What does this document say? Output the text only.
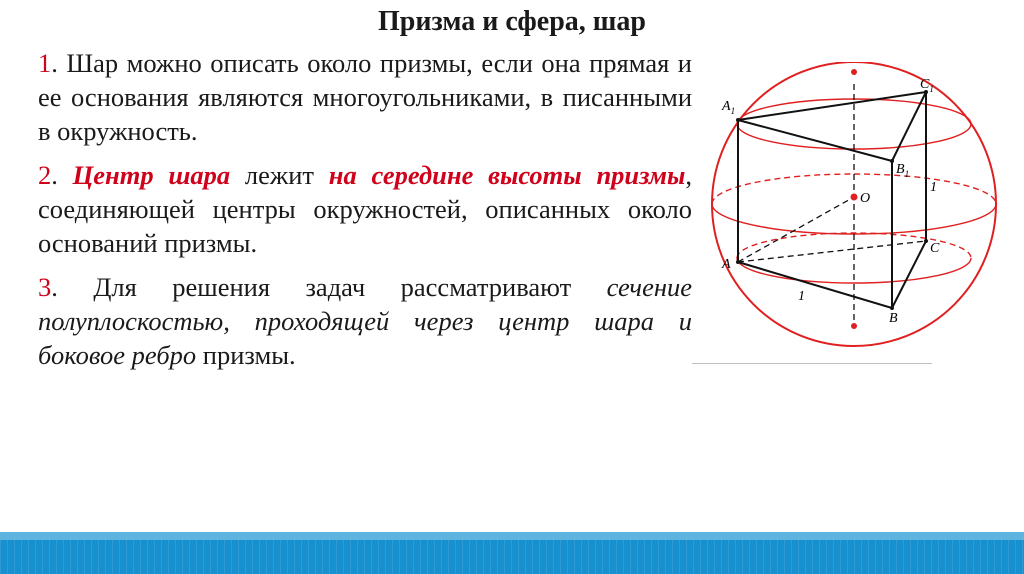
Призма и сфера, шар

1. Шар можно описать около призмы, если она прямая и ее основания являются многоугольниками, в писанными в окружность.

2. Центр шара лежит на середине высоты призмы, соединяющей центры окружностей, описанных около оснований призмы.

3. Для решения задач рассматривают сечение полуплоскостью, проходящей через центр шара и боковое ребро призмы.

$A_1$
$C_1$
$B_1$
O
A
C
B
1
1
